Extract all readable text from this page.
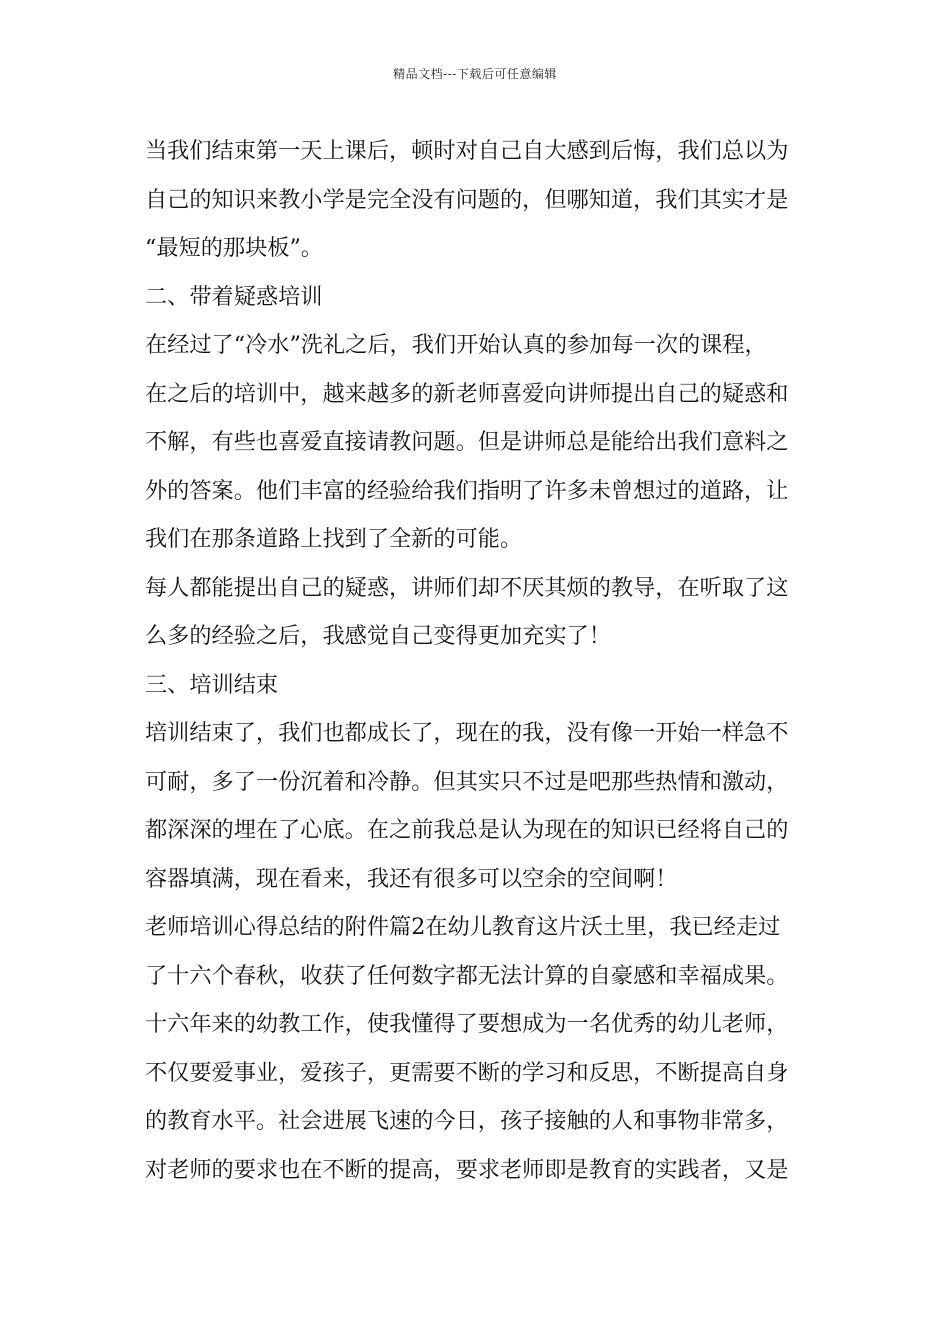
精品文档---下载后可任意编辑
当我们结束第一天上课后，顿时对自己自大感到后悔，我们总以为
自己的知识来教小学是完全没有问题的，但哪知道，我们其实才是
“最短的那块板”。
二、带着疑惑培训
在经过了“冷水”洗礼之后，我们开始认真的参加每一次的课程，
在之后的培训中，越来越多的新老师喜爱向讲师提出自己的疑惑和
不解，有些也喜爱直接请教问题。但是讲师总是能给出我们意料之
外的答案。他们丰富的经验给我们指明了许多未曾想过的道路，让
我们在那条道路上找到了全新的可能。
每人都能提出自己的疑惑，讲师们却不厌其烦的教导，在听取了这
么多的经验之后，我感觉自己变得更加充实了！
三、培训结束
培训结束了，我们也都成长了，现在的我，没有像一开始一样急不
可耐，多了一份沉着和冷静。但其实只不过是吧那些热情和激动，
都深深的埋在了心底。在之前我总是认为现在的知识已经将自己的
容器填满，现在看来，我还有很多可以空余的空间啊！
老师培训心得总结的附件篇2在幼儿教育这片沃土里，我已经走过
了十六个春秋，收获了任何数字都无法计算的自豪感和幸福成果。
十六年来的幼教工作，使我懂得了要想成为一名优秀的幼儿老师，
不仅要爱事业，爱孩子，更需要不断的学习和反思，不断提高自身
的教育水平。社会进展飞速的今日，孩子接触的人和事物非常多，
对老师的要求也在不断的提高，要求老师即是教育的实践者，又是
